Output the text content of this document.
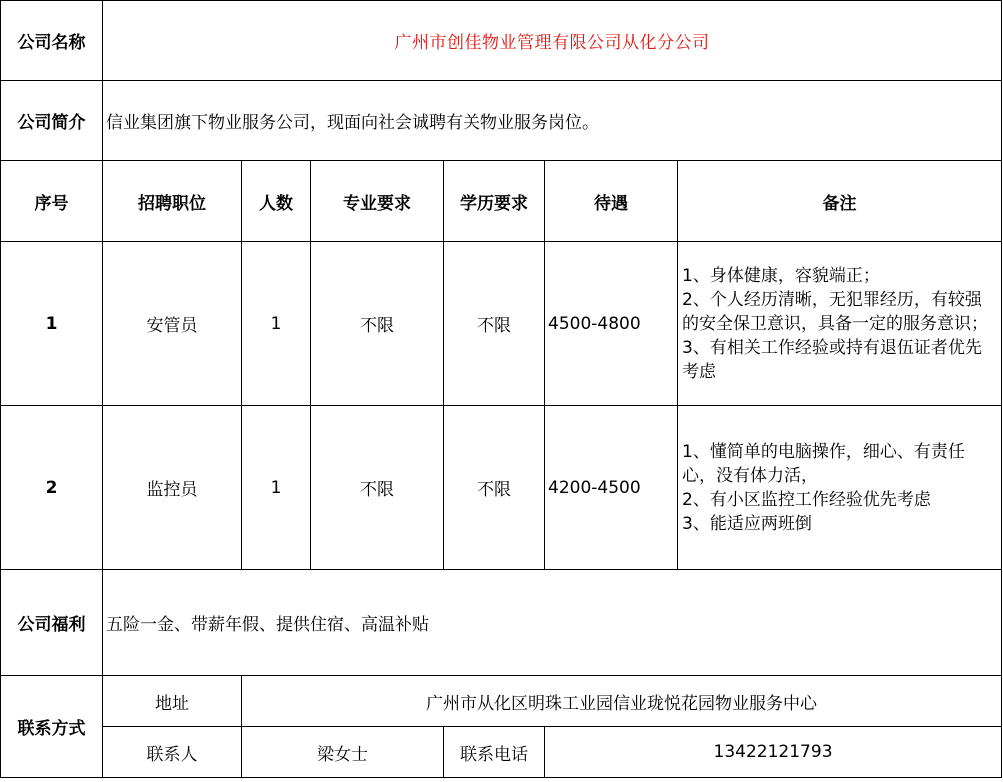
公司名称	广州市创佳物业管理有限公司从化分公司					
公司简介	信业集团旗下物业服务公司，现面向社会诚聘有关物业服务岗位。					
序号	招聘职位	人数	专业要求	学历要求	待遇	备注
1	安管员	1	不限	不限	4500-4800	1、身体健康，容貌端正；
2、个人经历清晰，无犯罪经历，有较强的安全保卫意识，具备一定的服务意识；
3、有相关工作经验或持有退伍证者优先考虑

2	监控员	1	不限	不限	4200-4500	1、懂简单的电脑操作，细心、有责任心，没有体力活，
2、有小区监控工作经验优先考虑
3、能适应两班倒

公司福利	五险一金、带薪年假、提供住宿、高温补贴					
联系方式	地址	广州市从化区明珠工业园信业珑悦花园物业服务中心				
	联系人	梁女士		联系电话	13422121793	
